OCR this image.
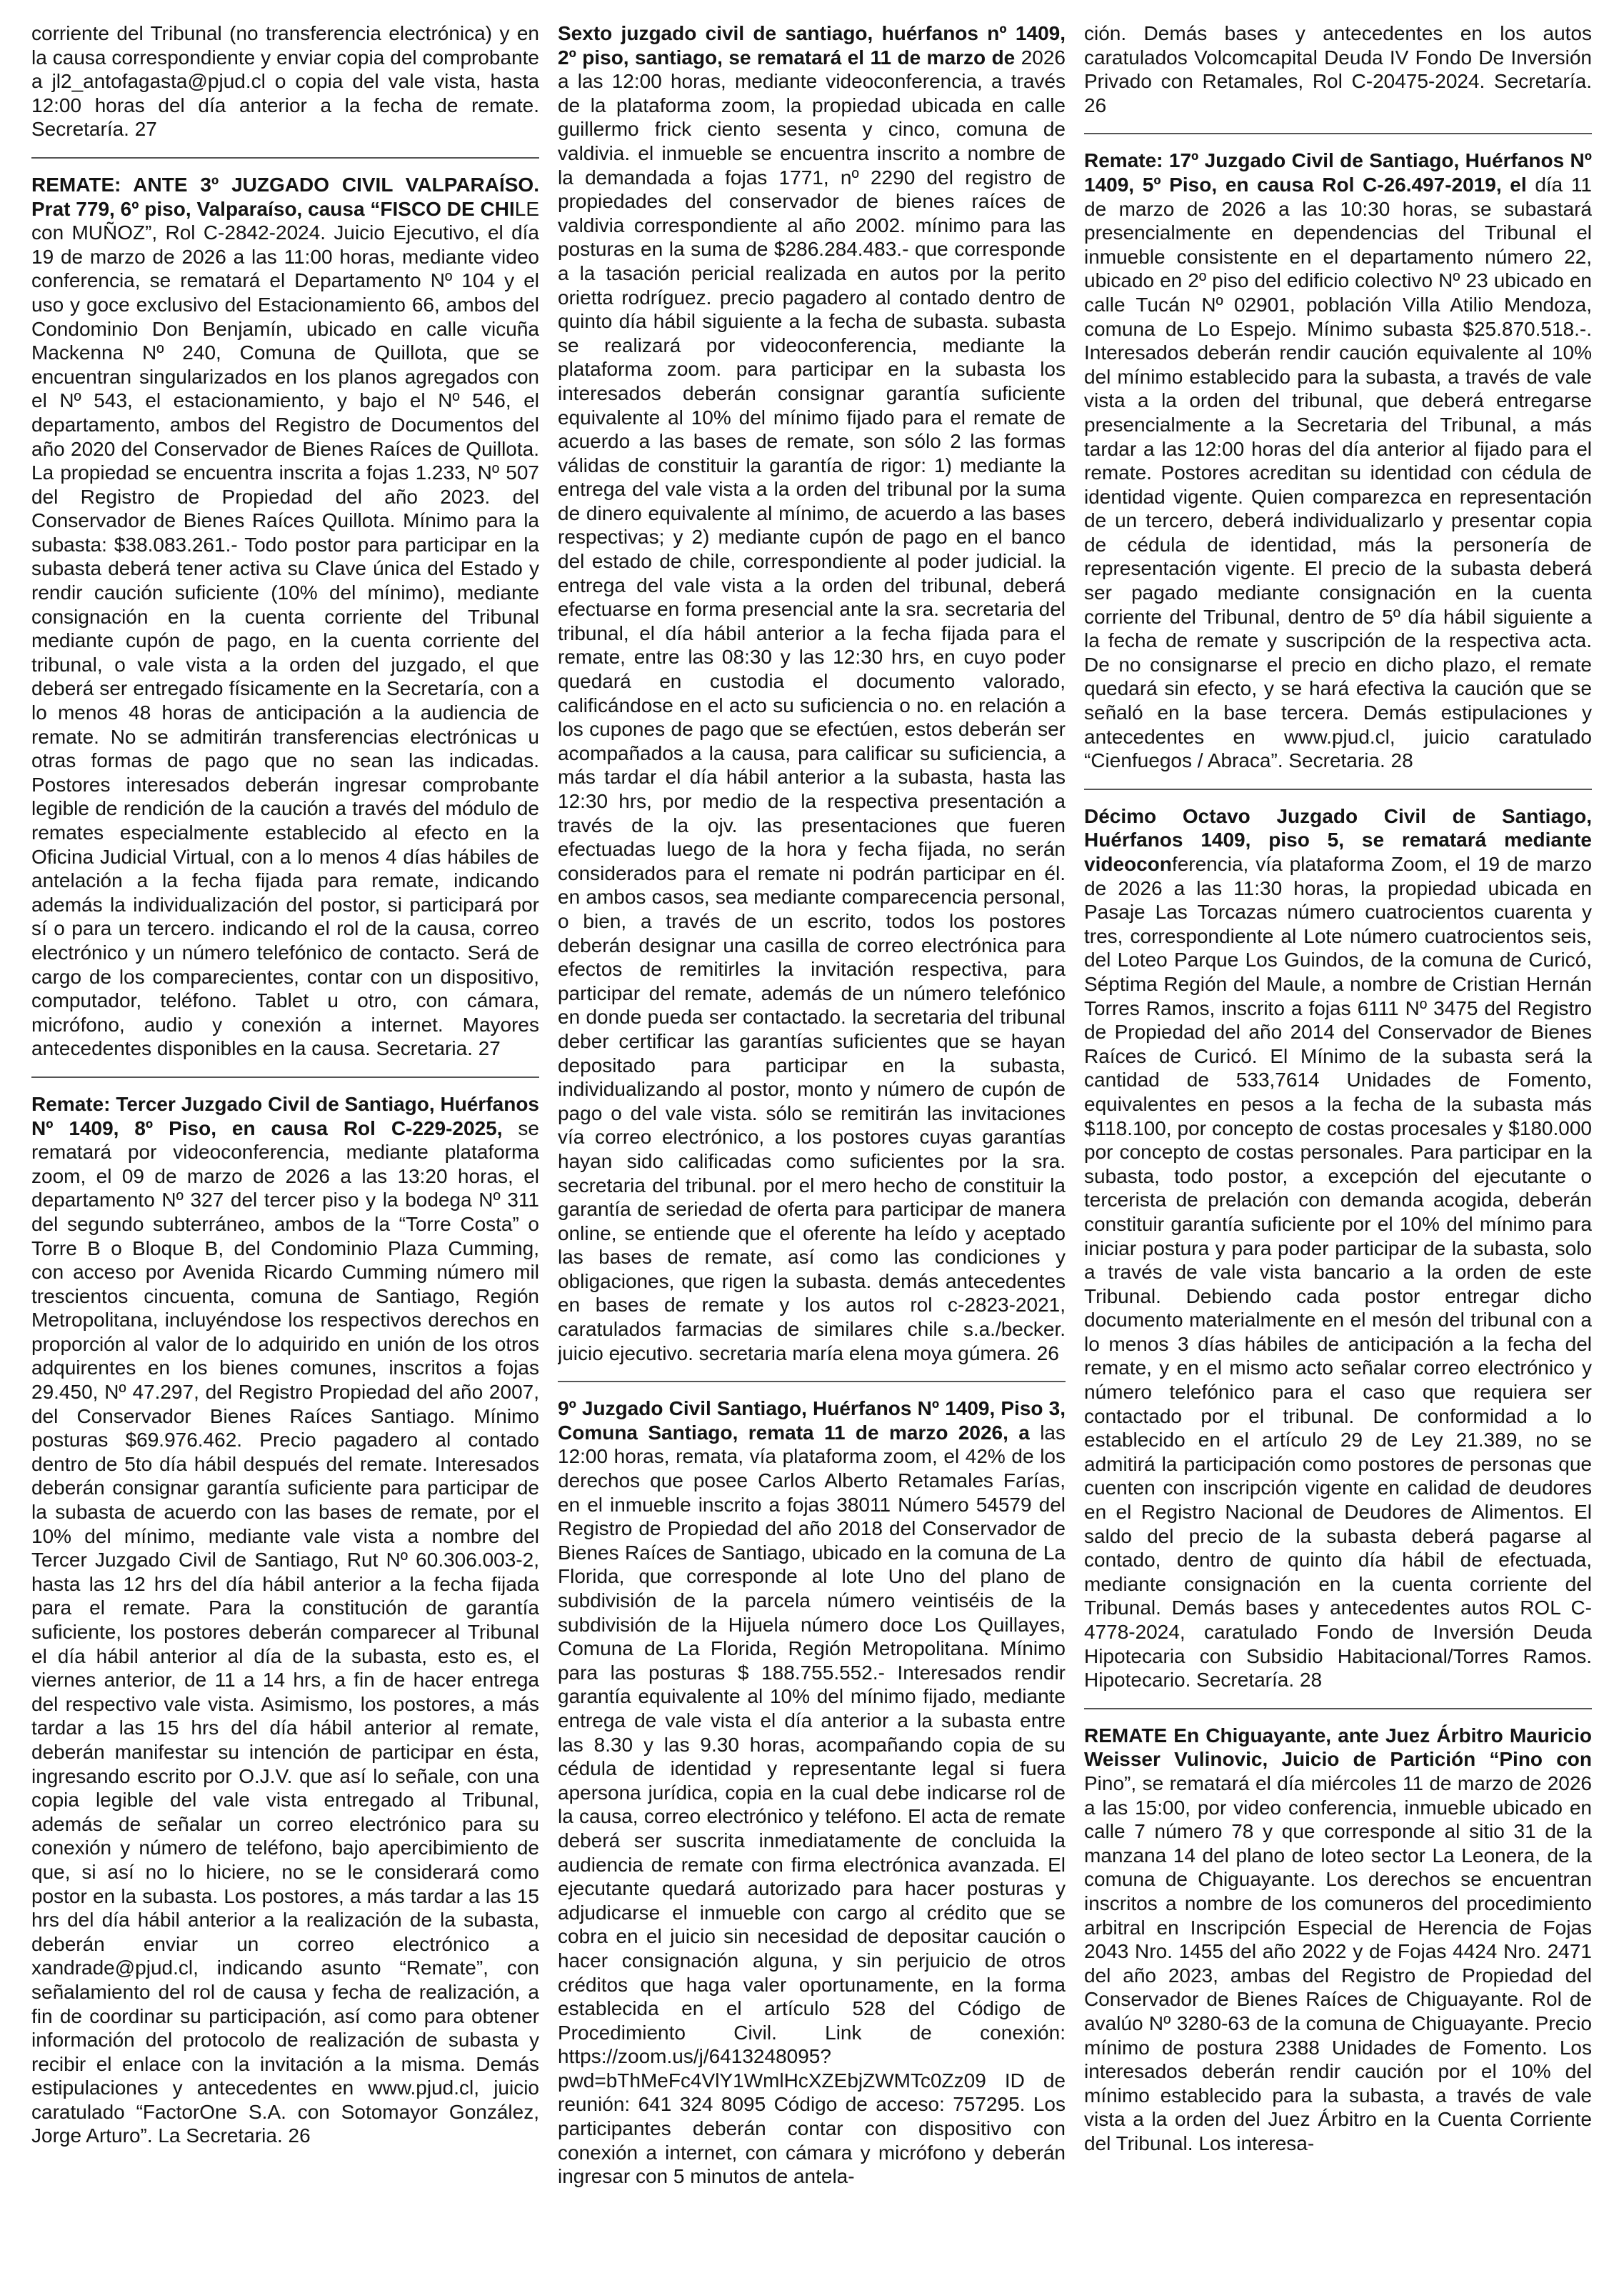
corriente del Tribunal (no transferencia electrónica) y en la causa correspondiente y enviar copia del comprobante a jl2_antofagasta@pjud.cl o copia del vale vista, hasta 12:00 horas del día anterior a la fecha de remate. Secretaría. 27

REMATE: ANTE 3º JUZGADO CIVIL VALPARAÍSO. Prat 779, 6º piso, Valparaíso, causa “FISCO DE CHILE con MUÑOZ”, Rol C-2842-2024. Juicio Ejecutivo, el día 19 de marzo de 2026 a las 11:00 horas, mediante video conferencia, se rematará el Departamento Nº 104 y el uso y goce exclusivo del Estacionamiento 66, ambos del Condominio Don Benjamín, ubicado en calle vicuña Mackenna Nº 240, Comuna de Quillota, que se encuentran singularizados en los planos agregados con el Nº 543, el estacionamiento, y bajo el Nº 546, el departamento, ambos del Registro de Documentos del año 2020 del Conservador de Bienes Raíces de Quillota. La propiedad se encuentra inscrita a fojas 1.233, Nº 507 del Registro de Propiedad del año 2023. del Conservador de Bienes Raíces Quillota. Mínimo para la subasta: $38.083.261.- Todo postor para participar en la subasta deberá tener activa su Clave única del Estado y rendir caución suficiente (10% del mínimo), mediante consignación en la cuenta corriente del Tribunal mediante cupón de pago, en la cuenta corriente del tribunal, o vale vista a la orden del juzgado, el que deberá ser entregado físicamente en la Secretaría, con a lo menos 48 horas de anticipación a la audiencia de remate. No se admitirán transferencias electrónicas u otras formas de pago que no sean las indicadas. Postores interesados deberán ingresar comprobante legible de rendición de la caución a través del módulo de remates especialmente establecido al efecto en la Oficina Judicial Virtual, con a lo menos 4 días hábiles de antelación a la fecha fijada para remate, indicando además la individualización del postor, si participará por sí o para un tercero. indicando el rol de la causa, correo electrónico y un número telefónico de contacto. Será de cargo de los comparecientes, contar con un dispositivo, computador, teléfono. Tablet u otro, con cámara, micrófono, audio y conexión a internet. Mayores antecedentes disponibles en la causa. Secretaria. 27

Remate: Tercer Juzgado Civil de Santiago, Huérfanos Nº 1409, 8º Piso, en causa Rol C-229-2025, se rematará por videoconferencia, mediante plataforma zoom, el 09 de marzo de 2026 a las 13:20 horas, el departamento Nº 327 del tercer piso y la bodega Nº 311 del segundo subterráneo, ambos de la “Torre Costa” o Torre B o Bloque B, del Condominio Plaza Cumming, con acceso por Avenida Ricardo Cumming número mil trescientos cincuenta, comuna de Santiago, Región Metropolitana, incluyéndose los respectivos derechos en proporción al valor de lo adquirido en unión de los otros adquirentes en los bienes comunes, inscritos a fojas 29.450, Nº 47.297, del Registro Propiedad del año 2007, del Conservador Bienes Raíces Santiago. Mínimo posturas $69.976.462. Precio pagadero al contado dentro de 5to día hábil después del remate. Interesados deberán consignar garantía suficiente para participar de la subasta de acuerdo con las bases de remate, por el 10% del mínimo, mediante vale vista a nombre del Tercer Juzgado Civil de Santiago, Rut Nº 60.306.003-2, hasta las 12 hrs del día hábil anterior a la fecha fijada para el remate. Para la constitución de garantía suficiente, los postores deberán comparecer al Tribunal el día hábil anterior al día de la subasta, esto es, el viernes anterior, de 11 a 14 hrs, a fin de hacer entrega del respectivo vale vista. Asimismo, los postores, a más tardar a las 15 hrs del día hábil anterior al remate, deberán manifestar su intención de participar en ésta, ingresando escrito por O.J.V. que así lo señale, con una copia legible del vale vista entregado al Tribunal, además de señalar un correo electrónico para su conexión y número de teléfono, bajo apercibimiento de que, si así no lo hiciere, no se le considerará como postor en la subasta. Los postores, a más tardar a las 15 hrs del día hábil anterior a la realización de la subasta, deberán enviar un correo electrónico a xandrade@pjud.cl, indicando asunto “Remate”, con señalamiento del rol de causa y fecha de realización, a fin de coordinar su participación, así como para obtener información del protocolo de realización de subasta y recibir el enlace con la invitación a la misma. Demás estipulaciones y antecedentes en www.pjud.cl, juicio caratulado “FactorOne S.A. con Sotomayor González, Jorge Arturo”. La Secretaria. 26

Sexto juzgado civil de santiago, huérfanos nº 1409, 2º piso, santiago, se rematará el 11 de marzo de 2026 a las 12:00 horas, mediante videoconferencia, a través de la plataforma zoom, la propiedad ubicada en calle guillermo frick ciento sesenta y cinco, comuna de valdivia. el inmueble se encuentra inscrito a nombre de la demandada a fojas 1771, nº 2290 del registro de propiedades del conservador de bienes raíces de valdivia correspondiente al año 2002. mínimo para las posturas en la suma de $286.284.483.- que corresponde a la tasación pericial realizada en autos por la perito orietta rodríguez. precio pagadero al contado dentro de quinto día hábil siguiente a la fecha de subasta. subasta se realizará por videoconferencia, mediante la plataforma zoom. para participar en la subasta los interesados deberán consignar garantía suficiente equivalente al 10% del mínimo fijado para el remate de acuerdo a las bases de remate, son sólo 2 las formas válidas de constituir la garantía de rigor: 1) mediante la entrega del vale vista a la orden del tribunal por la suma de dinero equivalente al mínimo, de acuerdo a las bases respectivas; y 2) mediante cupón de pago en el banco del estado de chile, correspondiente al poder judicial. la entrega del vale vista a la orden del tribunal, deberá efectuarse en forma presencial ante la sra. secretaria del tribunal, el día hábil anterior a la fecha fijada para el remate, entre las 08:30 y las 12:30 hrs, en cuyo poder quedará en custodia el documento valorado, calificándose en el acto su suficiencia o no. en relación a los cupones de pago que se efectúen, estos deberán ser acompañados a la causa, para calificar su suficiencia, a más tardar el día hábil anterior a la subasta, hasta las 12:30 hrs, por medio de la respectiva presentación a través de la ojv. las presentaciones que fueren efectuadas luego de la hora y fecha fijada, no serán considerados para el remate ni podrán participar en él. en ambos casos, sea mediante comparecencia personal, o bien, a través de un escrito, todos los postores deberán designar una casilla de correo electrónica para efectos de remitirles la invitación respectiva, para participar del remate, además de un número telefónico en donde pueda ser contactado. la secretaria del tribunal deber certificar las garantías suficientes que se hayan depositado para participar en la subasta, individualizando al postor, monto y número de cupón de pago o del vale vista. sólo se remitirán las invitaciones vía correo electrónico, a los postores cuyas garantías hayan sido calificadas como suficientes por la sra. secretaria del tribunal. por el mero hecho de constituir la garantía de seriedad de oferta para participar de manera online, se entiende que el oferente ha leído y aceptado las bases de remate, así como las condiciones y obligaciones, que rigen la subasta. demás antecedentes en bases de remate y los autos rol c-2823-2021, caratulados farmacias de similares chile s.a./becker. juicio ejecutivo. secretaria maría elena moya gúmera. 26

9º Juzgado Civil Santiago, Huérfanos Nº 1409, Piso 3, Comuna Santiago, remata 11 de marzo 2026, a las 12:00 horas, remata, vía plataforma zoom, el 42% de los derechos que posee Carlos Alberto Retamales Farías, en el inmueble inscrito a fojas 38011 Número 54579 del Registro de Propiedad del año 2018 del Conservador de Bienes Raíces de Santiago, ubicado en la comuna de La Florida, que corresponde al lote Uno del plano de subdivisión de la parcela número veintiséis de la subdivisión de la Hijuela número doce Los Quillayes, Comuna de La Florida, Región Metropolitana. Mínimo para las posturas $ 188.755.552.- Interesados rendir garantía equivalente al 10% del mínimo fijado, mediante entrega de vale vista el día anterior a la subasta entre las 8.30 y las 9.30 horas, acompañando copia de su cédula de identidad y representante legal si fuera apersona jurídica, copia en la cual debe indicarse rol de la causa, correo electrónico y teléfono. El acta de remate deberá ser suscrita inmediatamente de concluida la audiencia de remate con firma electrónica avanzada. El ejecutante quedará autorizado para hacer posturas y adjudicarse el inmueble con cargo al crédito que se cobra en el juicio sin necesidad de depositar caución o hacer consignación alguna, y sin perjuicio de otros créditos que haga valer oportunamente, en la forma establecida en el artículo 528 del Código de Procedimiento Civil. Link de conexión: https://zoom.us/j/6413248095?pwd=bThMeFc4VlY1WmlHcXZEbjZWMTc0Zz09 ID de reunión: 641 324 8095 Código de acceso: 757295. Los participantes deberán contar con dispositivo con conexión a internet, con cámara y micrófono y deberán ingresar con 5 minutos de antela-

ción. Demás bases y antecedentes en los autos caratulados Volcomcapital Deuda IV Fondo De Inversión Privado con Retamales, Rol C-20475-2024. Secretaría. 26

Remate: 17º Juzgado Civil de Santiago, Huérfanos Nº 1409, 5º Piso, en causa Rol C-26.497-2019, el día 11 de marzo de 2026 a las 10:30 horas, se subastará presencialmente en dependencias del Tribunal el inmueble consistente en el departamento número 22, ubicado en 2º piso del edificio colectivo Nº 23 ubicado en calle Tucán Nº 02901, población Villa Atilio Mendoza, comuna de Lo Espejo. Mínimo subasta $25.870.518.-. Interesados deberán rendir caución equivalente al 10% del mínimo establecido para la subasta, a través de vale vista a la orden del tribunal, que deberá entregarse presencialmente a la Secretaria del Tribunal, a más tardar a las 12:00 horas del día anterior al fijado para el remate. Postores acreditan su identidad con cédula de identidad vigente. Quien comparezca en representación de un tercero, deberá individualizarlo y presentar copia de cédula de identidad, más la personería de representación vigente. El precio de la subasta deberá ser pagado mediante consignación en la cuenta corriente del Tribunal, dentro de 5º día hábil siguiente a la fecha de remate y suscripción de la respectiva acta. De no consignarse el precio en dicho plazo, el remate quedará sin efecto, y se hará efectiva la caución que se señaló en la base tercera. Demás estipulaciones y antecedentes en www.pjud.cl, juicio caratulado “Cienfuegos / Abraca”. Secretaria. 28

Décimo Octavo Juzgado Civil de Santiago, Huérfanos 1409, piso 5, se rematará mediante videoconferencia, vía plataforma Zoom, el 19 de marzo de 2026 a las 11:30 horas, la propiedad ubicada en Pasaje Las Torcazas número cuatrocientos cuarenta y tres, correspondiente al Lote número cuatrocientos seis, del Loteo Parque Los Guindos, de la comuna de Curicó, Séptima Región del Maule, a nombre de Cristian Hernán Torres Ramos, inscrito a fojas 6111 Nº 3475 del Registro de Propiedad del año 2014 del Conservador de Bienes Raíces de Curicó. El Mínimo de la subasta será la cantidad de 533,7614 Unidades de Fomento, equivalentes en pesos a la fecha de la subasta más $118.100, por concepto de costas procesales y $180.000 por concepto de costas personales. Para participar en la subasta, todo postor, a excepción del ejecutante o tercerista de prelación con demanda acogida, deberán constituir garantía suficiente por el 10% del mínimo para iniciar postura y para poder participar de la subasta, solo a través de vale vista bancario a la orden de este Tribunal. Debiendo cada postor entregar dicho documento materialmente en el mesón del tribunal con a lo menos 3 días hábiles de anticipación a la fecha del remate, y en el mismo acto señalar correo electrónico y número telefónico para el caso que requiera ser contactado por el tribunal. De conformidad a lo establecido en el artículo 29 de Ley 21.389, no se admitirá la participación como postores de personas que cuenten con inscripción vigente en calidad de deudores en el Registro Nacional de Deudores de Alimentos. El saldo del precio de la subasta deberá pagarse al contado, dentro de quinto día hábil de efectuada, mediante consignación en la cuenta corriente del Tribunal. Demás bases y antecedentes autos ROL C-4778-2024, caratulado Fondo de Inversión Deuda Hipotecaria con Subsidio Habitacional/Torres Ramos. Hipotecario. Secretaría. 28

REMATE En Chiguayante, ante Juez Árbitro Mauricio Weisser Vulinovic, Juicio de Partición “Pino con Pino”, se rematará el día miércoles 11 de marzo de 2026 a las 15:00, por video conferencia, inmueble ubicado en calle 7 número 78 y que corresponde al sitio 31 de la manzana 14 del plano de loteo sector La Leonera, de la comuna de Chiguayante. Los derechos se encuentran inscritos a nombre de los comuneros del procedimiento arbitral en Inscripción Especial de Herencia de Fojas 2043 Nro. 1455 del año 2022 y de Fojas 4424 Nro. 2471 del año 2023, ambas del Registro de Propiedad del Conservador de Bienes Raíces de Chiguayante. Rol de avalúo Nº 3280-63 de la comuna de Chiguayante. Precio mínimo de postura 2388 Unidades de Fomento. Los interesados deberán rendir caución por el 10% del mínimo establecido para la subasta, a través de vale vista a la orden del Juez Árbitro en la Cuenta Corriente del Tribunal. Los interesa-
